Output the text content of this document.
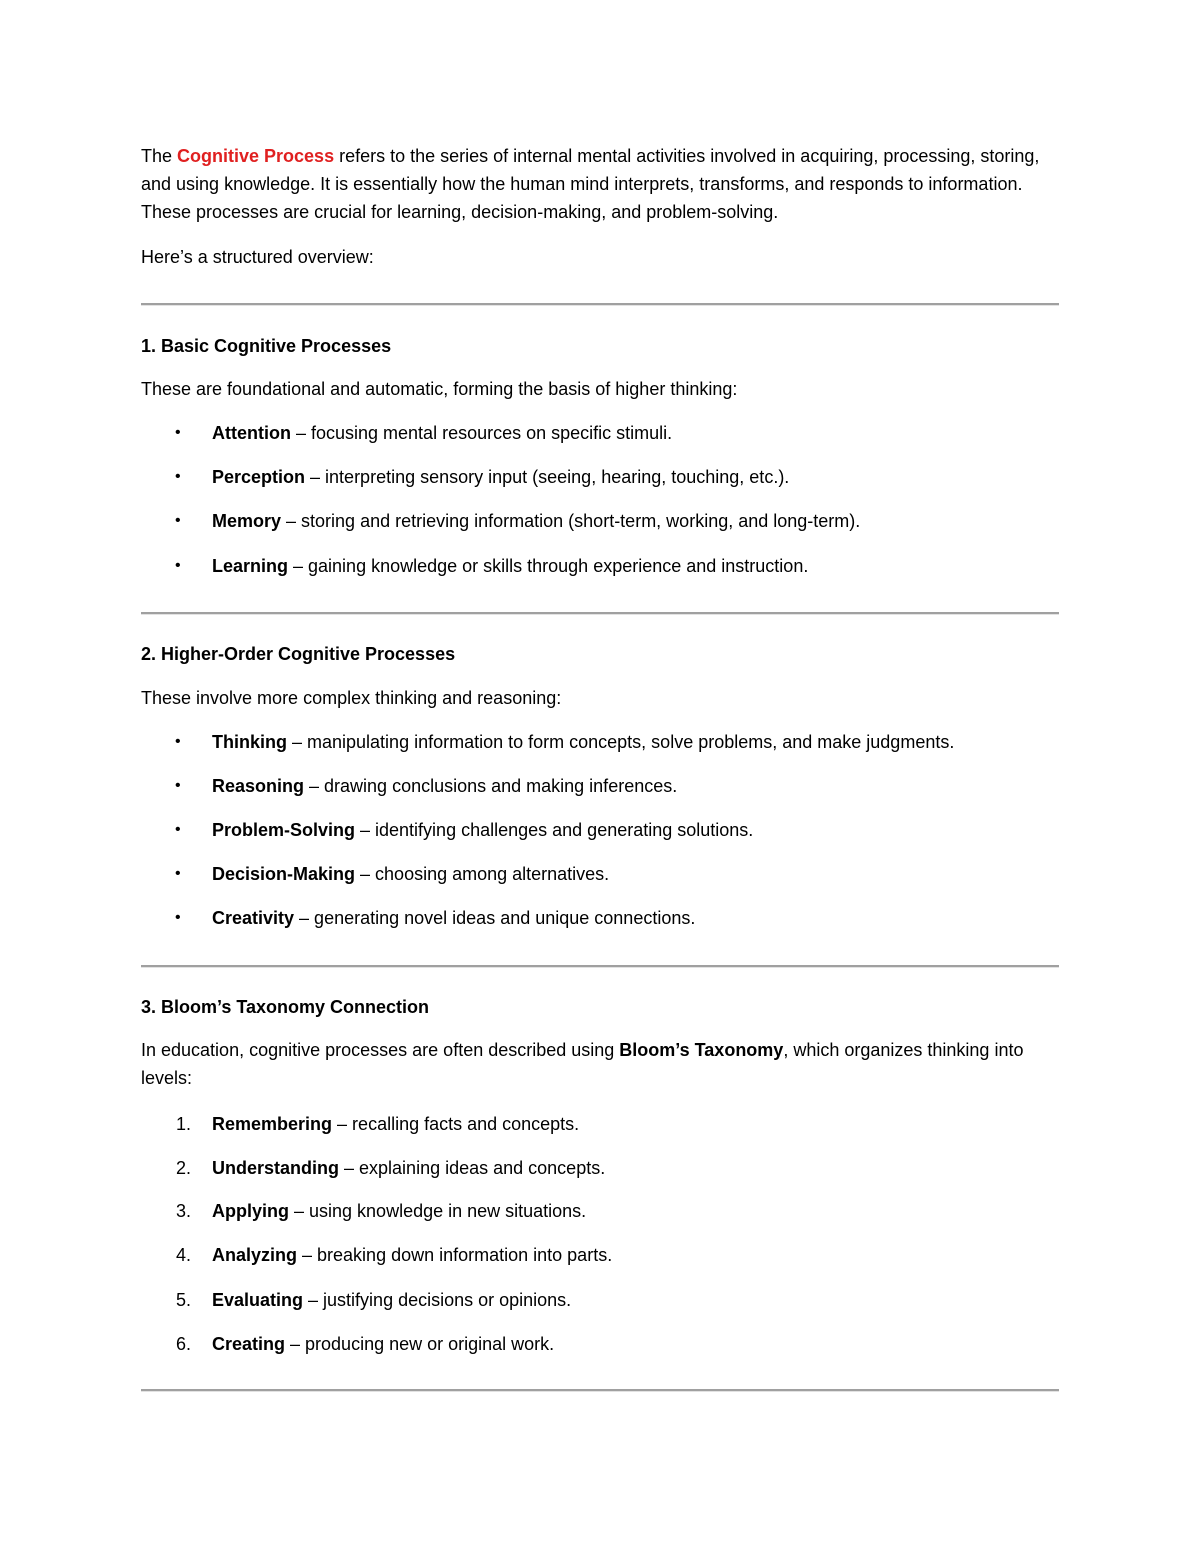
The Cognitive Process refers to the series of internal mental activities involved in acquiring, processing, storing, and using knowledge. It is essentially how the human mind interprets, transforms, and responds to information. These processes are crucial for learning, decision-making, and problem-solving.

Here’s a structured overview:

1. Basic Cognitive Processes

These are foundational and automatic, forming the basis of higher thinking:

•	Attention – focusing mental resources on specific stimuli.
•	Perception – interpreting sensory input (seeing, hearing, touching, etc.).
•	Memory – storing and retrieving information (short-term, working, and long-term).
•	Learning – gaining knowledge or skills through experience and instruction.

2. Higher-Order Cognitive Processes

These involve more complex thinking and reasoning:

•	Thinking – manipulating information to form concepts, solve problems, and make judgments.
•	Reasoning – drawing conclusions and making inferences.
•	Problem-Solving – identifying challenges and generating solutions.
•	Decision-Making – choosing among alternatives.
•	Creativity – generating novel ideas and unique connections.

3. Bloom’s Taxonomy Connection

In education, cognitive processes are often described using Bloom’s Taxonomy, which organizes thinking into levels:

1.	Remembering – recalling facts and concepts.
2.	Understanding – explaining ideas and concepts.
3.	Applying – using knowledge in new situations.
4.	Analyzing – breaking down information into parts.
5.	Evaluating – justifying decisions or opinions.
6.	Creating – producing new or original work.
